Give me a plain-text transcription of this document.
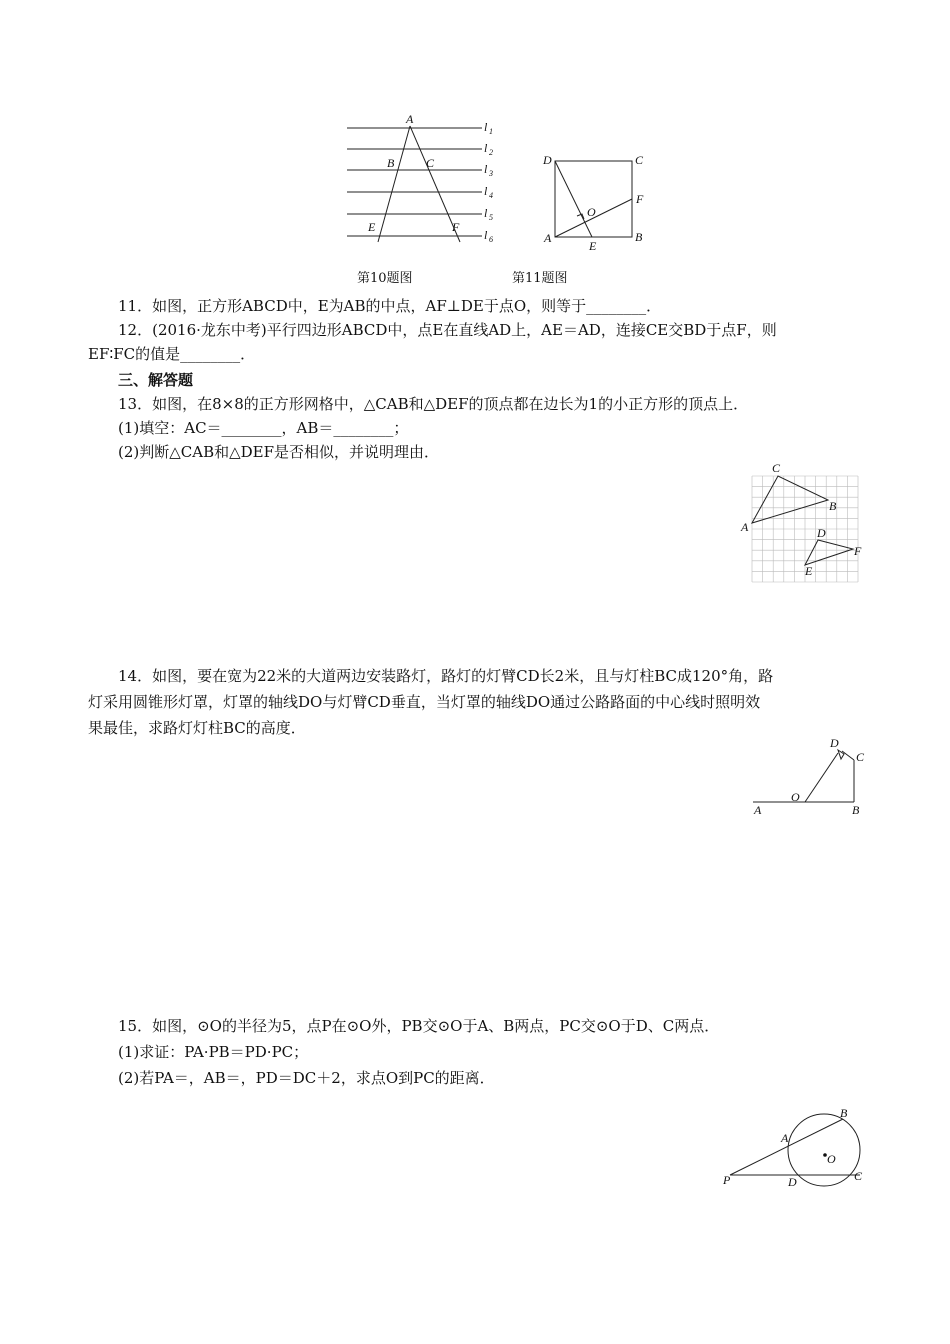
A
B	C
E	F
l 1
l 2
l 3
l 4
l 5
l 6
D	C
F
O
A
E
B
第10题图	第11题图
11．如图，正方形ABCD中，E为AB的中点，AF⊥DE于点O，则等于________．
12．(2016·龙东中考)平行四边形ABCD中，点E在直线AD上，AE＝AD，连接CE交BD于点F，则
EF∶FC的值是________．
三、解答题
13．如图，在8×8的正方形网格中，△CAB和△DEF的顶点都在边长为1的小正方形的顶点上．
(1)填空：AC＝________，AB＝________；
(2)判断△CAB和△DEF是否相似，并说明理由．
C
B
A	D
F
E
14．如图，要在宽为22米的大道两边安装路灯，路灯的灯臂CD长2米，且与灯柱BC成120°角，路
灯采用圆锥形灯罩，灯罩的轴线DO与灯臂CD垂直，当灯罩的轴线DO通过公路路面的中心线时照明效
果最佳，求路灯灯柱BC的高度．
D
C
O
B
A
15．如图，⊙O的半径为5，点P在⊙O外，PB交⊙O于A、B两点，PC交⊙O于D、C两点．
(1)求证：PA·PB＝PD·PC；
(2)若PA＝，AB＝，PD＝DC＋2，求点O到PC的距离．
B
A
O
C
D
P
